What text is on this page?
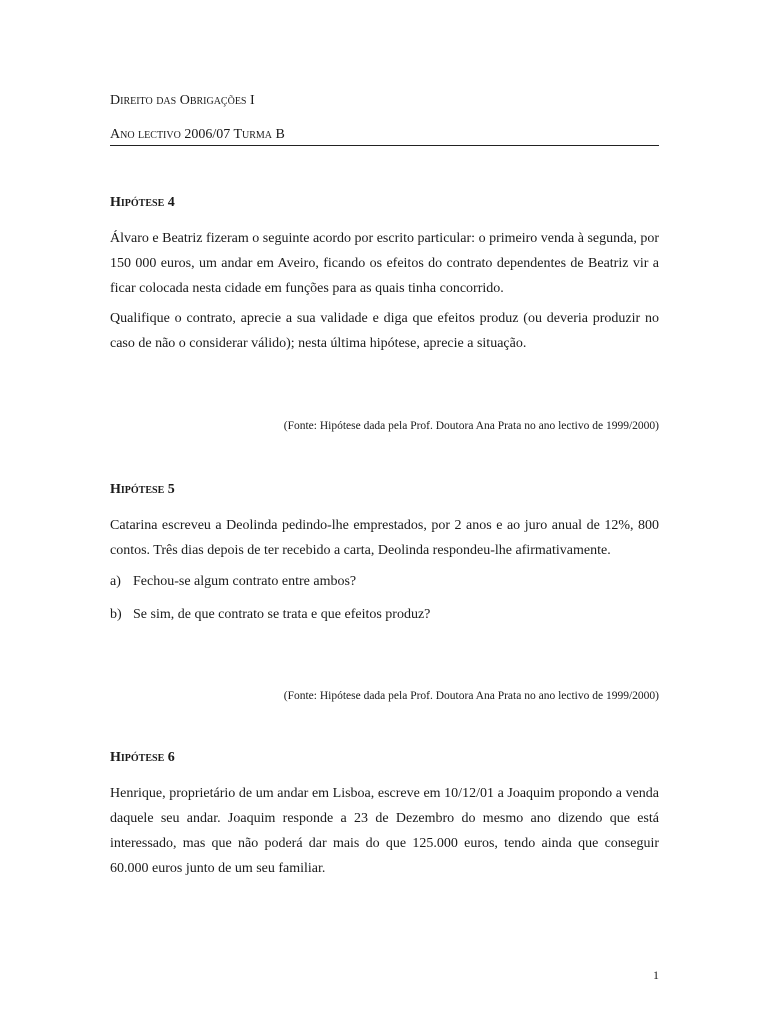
Direito das Obrigações I
Ano lectivo 2006/07 Turma B

Hipótese 4

Álvaro e Beatriz fizeram o seguinte acordo por escrito particular: o primeiro venda à segunda, por 150 000 euros, um andar em Aveiro, ficando os efeitos do contrato dependentes de Beatriz vir a ficar colocada nesta cidade em funções para as quais tinha concorrido.

Qualifique o contrato, aprecie a sua validade e diga que efeitos produz (ou deveria produzir no caso de não o considerar válido); nesta última hipótese, aprecie a situação.

(Fonte: Hipótese dada pela Prof. Doutora Ana Prata no ano lectivo de 1999/2000)

Hipótese 5

Catarina escreveu a Deolinda pedindo-lhe emprestados, por 2 anos e ao juro anual de 12%, 800 contos. Três dias depois de ter recebido a carta, Deolinda respondeu-lhe afirmativamente.

a) Fechou-se algum contrato entre ambos?

b) Se sim, de que contrato se trata e que efeitos produz?

(Fonte: Hipótese dada pela Prof. Doutora Ana Prata no ano lectivo de 1999/2000)

Hipótese 6

Henrique, proprietário de um andar em Lisboa, escreve em 10/12/01 a Joaquim propondo a venda daquele seu andar. Joaquim responde a 23 de Dezembro do mesmo ano dizendo que está interessado, mas que não poderá dar mais do que 125.000 euros, tendo ainda que conseguir 60.000 euros junto de um seu familiar.

1
